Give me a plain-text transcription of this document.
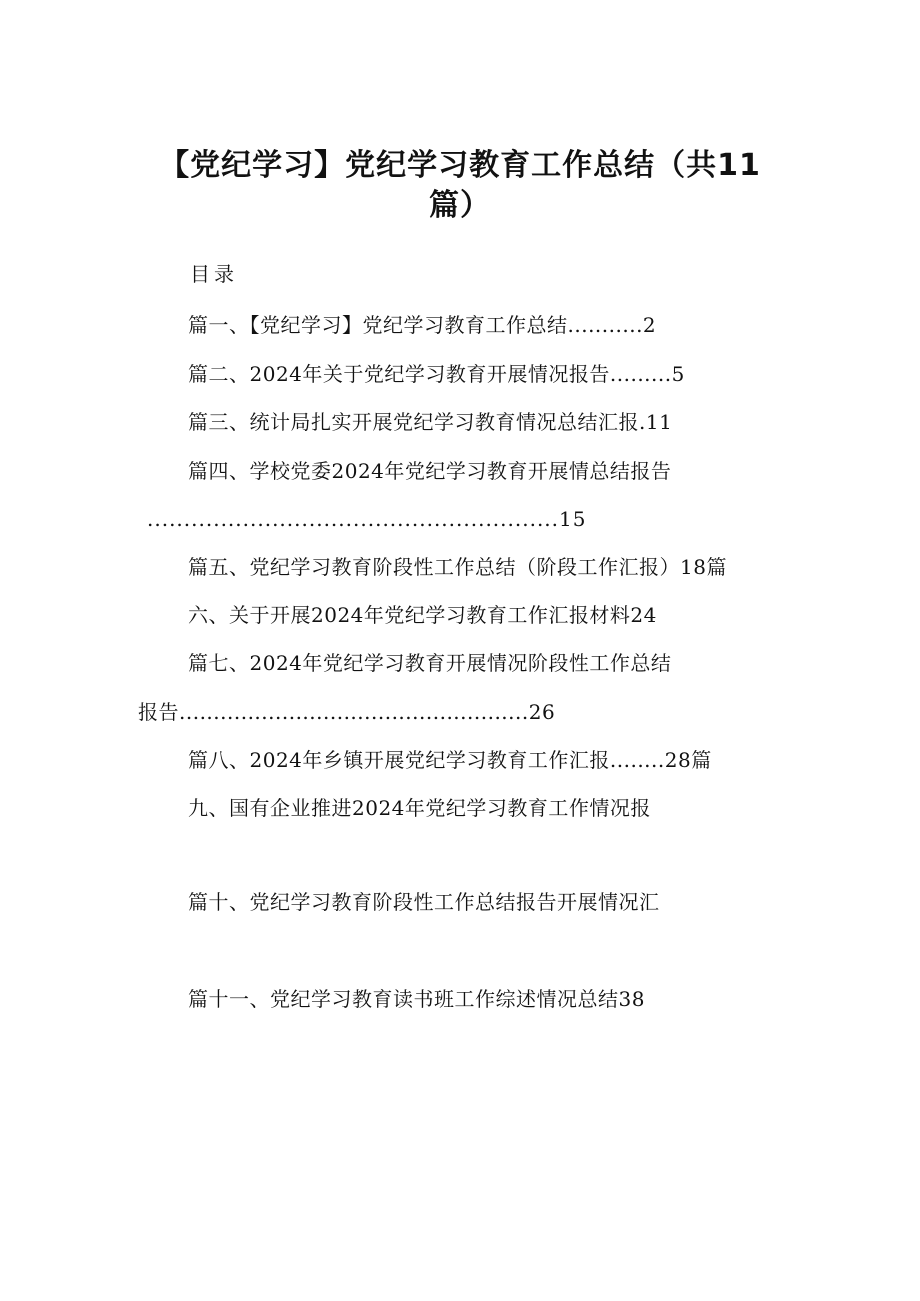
【党纪学习】党纪学习教育工作总结（共11
篇）
目录
篇一、【党纪学习】党纪学习教育工作总结...........2
篇二、2024年关于党纪学习教育开展情况报告.........5
篇三、统计局扎实开展党纪学习教育情况总结汇报.11
篇四、学校党委2024年党纪学习教育开展情总结报告
........................................................15
篇五、党纪学习教育阶段性工作总结（阶段工作汇报）18篇
六、关于开展2024年党纪学习教育工作汇报材料24
篇七、2024年党纪学习教育开展情况阶段性工作总结
报告...................................................26
篇八、2024年乡镇开展党纪学习教育工作汇报........28篇
九、国有企业推进2024年党纪学习教育工作情况报
篇十、党纪学习教育阶段性工作总结报告开展情况汇
篇十一、党纪学习教育读书班工作综述情况总结38
